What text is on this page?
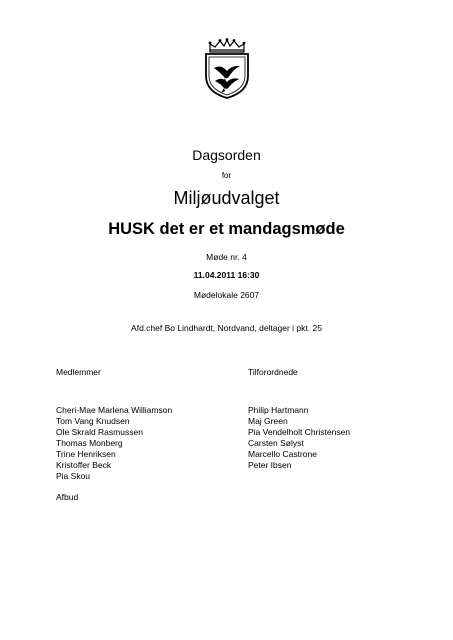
Dagsorden
for
Miljøudvalget
HUSK det er et mandagsmøde
Møde nr. 4
11.04.2011 16:30
Mødelokale 2607
Afd.chef Bo Lindhardt, Nordvand, deltager i pkt. 25
Medlemmer	Tilforordnede
Cheri-Mae Marlena Williamson
Tom Vang Knudsen
Ole Skrald Rasmussen
Thomas Monberg
Trine Henriksen
Kristoffer Beck
Pia Skou
Philip Hartmann
Maj Green
Pia Vendelholt Christensen
Carsten Sølyst
Marcello Castrone
Peter Ibsen
Afbud
